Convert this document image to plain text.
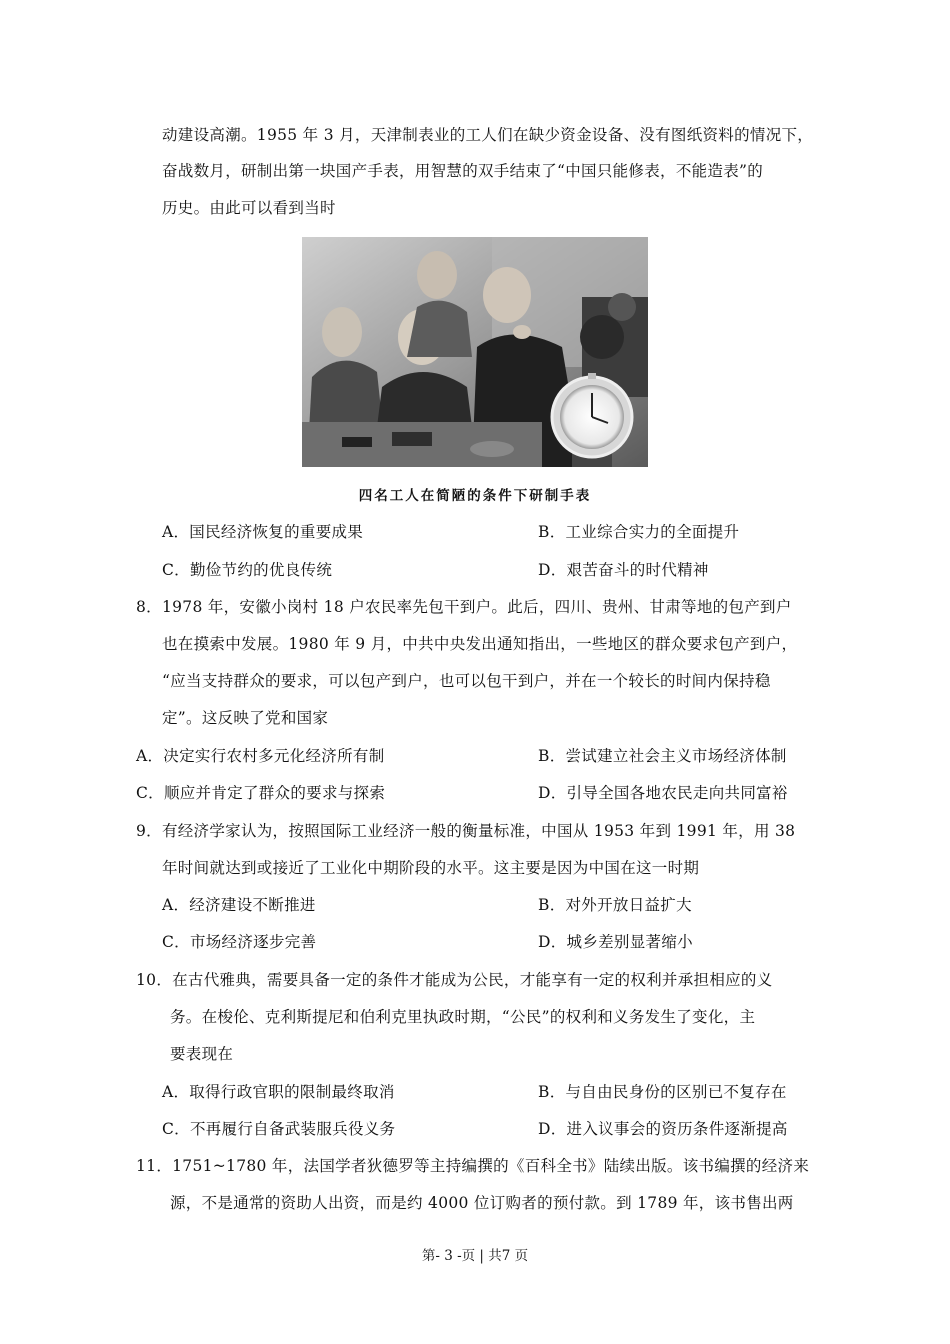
动建设高潮。1955 年 3 月，天津制表业的工人们在缺少资金设备、没有图纸资料的情况下，
奋战数月，研制出第一块国产手表，用智慧的双手结束了“中国只能修表，不能造表”的
历史。由此可以看到当时
四名工人在简陋的条件下研制手表
A．国民经济恢复的重要成果	B．工业综合实力的全面提升
C．勤俭节约的优良传统	D．艰苦奋斗的时代精神
8．1978 年，安徽小岗村 18 户农民率先包干到户。此后，四川、贵州、甘肃等地的包产到户
也在摸索中发展。1980 年 9 月，中共中央发出通知指出，一些地区的群众要求包产到户，
“应当支持群众的要求，可以包产到户，也可以包干到户，并在一个较长的时间内保持稳
定”。这反映了党和国家
A．决定实行农村多元化经济所有制	B．尝试建立社会主义市场经济体制
C．顺应并肯定了群众的要求与探索	D．引导全国各地农民走向共同富裕
9．有经济学家认为，按照国际工业经济一般的衡量标准，中国从 1953 年到 1991 年，用 38
年时间就达到或接近了工业化中期阶段的水平。这主要是因为中国在这一时期
A．经济建设不断推进	B．对外开放日益扩大
C．市场经济逐步完善	D．城乡差别显著缩小
10．在古代雅典，需要具备一定的条件才能成为公民，才能享有一定的权利并承担相应的义
务。在梭伦、克利斯提尼和伯利克里执政时期，“公民”的权利和义务发生了变化，主
要表现在
A．取得行政官职的限制最终取消	B．与自由民身份的区别已不复存在
C．不再履行自备武装服兵役义务	D．进入议事会的资历条件逐渐提高
11．1751~1780 年，法国学者狄德罗等主持编撰的《百科全书》陆续出版。该书编撰的经济来
源，不是通常的资助人出资，而是约 4000 位订购者的预付款。到 1789 年，该书售出两
第- 3 -页 | 共7 页
